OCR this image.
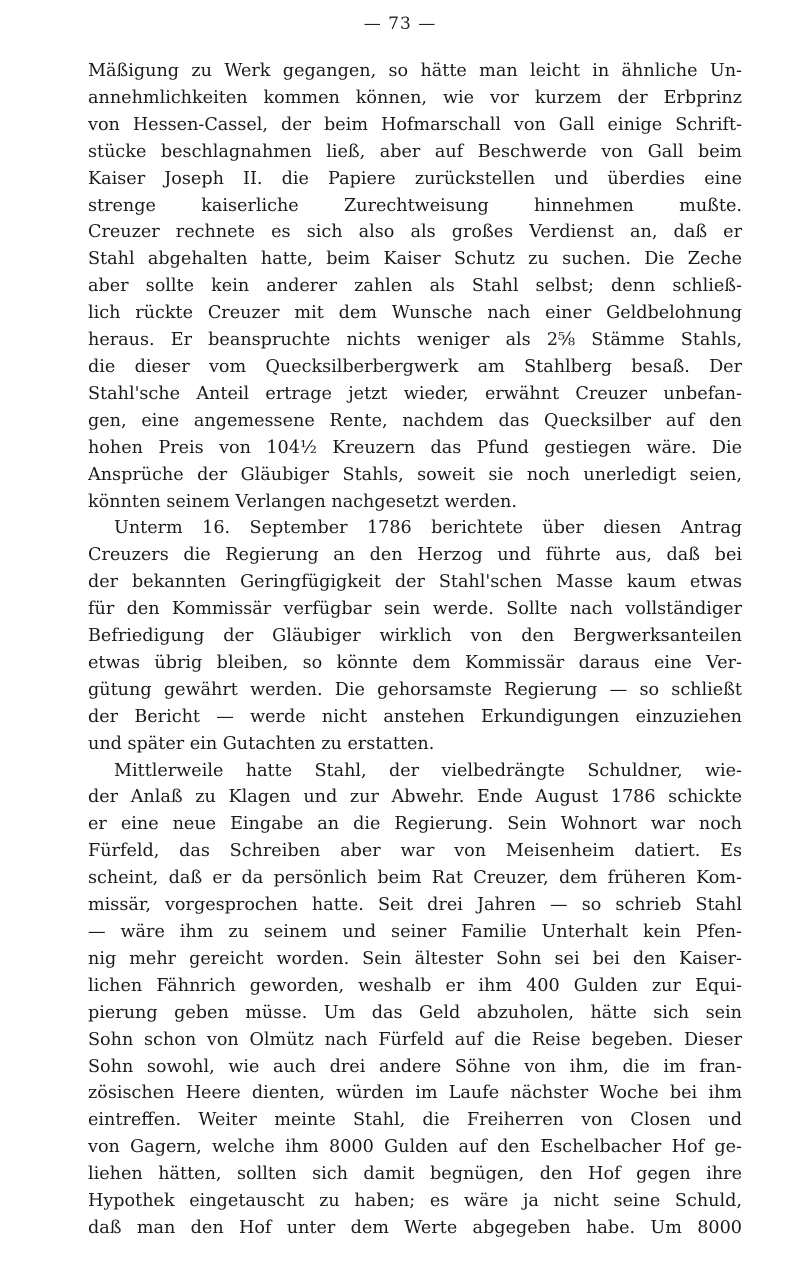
— 73 —
Mäßigung zu Werk gegangen, so hätte man leicht in ähnliche Un-
annehmlichkeiten kommen können, wie vor kurzem der Erbprinz
von Hessen-Cassel, der beim Hofmarschall von Gall einige Schrift-
stücke beschlagnahmen ließ, aber auf Beschwerde von Gall beim
Kaiser Joseph II. die Papiere zurückstellen und überdies eine
strenge kaiserliche Zurechtweisung hinnehmen mußte.
Creuzer rechnete es sich also als großes Verdienst an, daß er
Stahl abgehalten hatte, beim Kaiser Schutz zu suchen. Die Zeche
aber sollte kein anderer zahlen als Stahl selbst; denn schließ-
lich rückte Creuzer mit dem Wunsche nach einer Geldbelohnung
heraus. Er beanspruchte nichts weniger als 2⅝ Stämme Stahls,
die dieser vom Quecksilberbergwerk am Stahlberg besaß. Der
Stahl'sche Anteil ertrage jetzt wieder, erwähnt Creuzer unbefan-
gen, eine angemessene Rente, nachdem das Quecksilber auf den
hohen Preis von 104½ Kreuzern das Pfund gestiegen wäre. Die
Ansprüche der Gläubiger Stahls, soweit sie noch unerledigt seien,
könnten seinem Verlangen nachgesetzt werden.
Unterm 16. September 1786 berichtete über diesen Antrag
Creuzers die Regierung an den Herzog und führte aus, daß bei
der bekannten Geringfügigkeit der Stahl'schen Masse kaum etwas
für den Kommissär verfügbar sein werde. Sollte nach vollständiger
Befriedigung der Gläubiger wirklich von den Bergwerksanteilen
etwas übrig bleiben, so könnte dem Kommissär daraus eine Ver-
gütung gewährt werden. Die gehorsamste Regierung — so schließt
der Bericht — werde nicht anstehen Erkundigungen einzuziehen
und später ein Gutachten zu erstatten.
Mittlerweile hatte Stahl, der vielbedrängte Schuldner, wie-
der Anlaß zu Klagen und zur Abwehr. Ende August 1786 schickte
er eine neue Eingabe an die Regierung. Sein Wohnort war noch
Fürfeld, das Schreiben aber war von Meisenheim datiert. Es
scheint, daß er da persönlich beim Rat Creuzer, dem früheren Kom-
missär, vorgesprochen hatte. Seit drei Jahren — so schrieb Stahl
— wäre ihm zu seinem und seiner Familie Unterhalt kein Pfen-
nig mehr gereicht worden. Sein ältester Sohn sei bei den Kaiser-
lichen Fähnrich geworden, weshalb er ihm 400 Gulden zur Equi-
pierung geben müsse. Um das Geld abzuholen, hätte sich sein
Sohn schon von Olmütz nach Fürfeld auf die Reise begeben. Dieser
Sohn sowohl, wie auch drei andere Söhne von ihm, die im fran-
zösischen Heere dienten, würden im Laufe nächster Woche bei ihm
eintreffen. Weiter meinte Stahl, die Freiherren von Closen und
von Gagern, welche ihm 8000 Gulden auf den Eschelbacher Hof ge-
liehen hätten, sollten sich damit begnügen, den Hof gegen ihre
Hypothek eingetauscht zu haben; es wäre ja nicht seine Schuld,
daß man den Hof unter dem Werte abgegeben habe. Um 8000
